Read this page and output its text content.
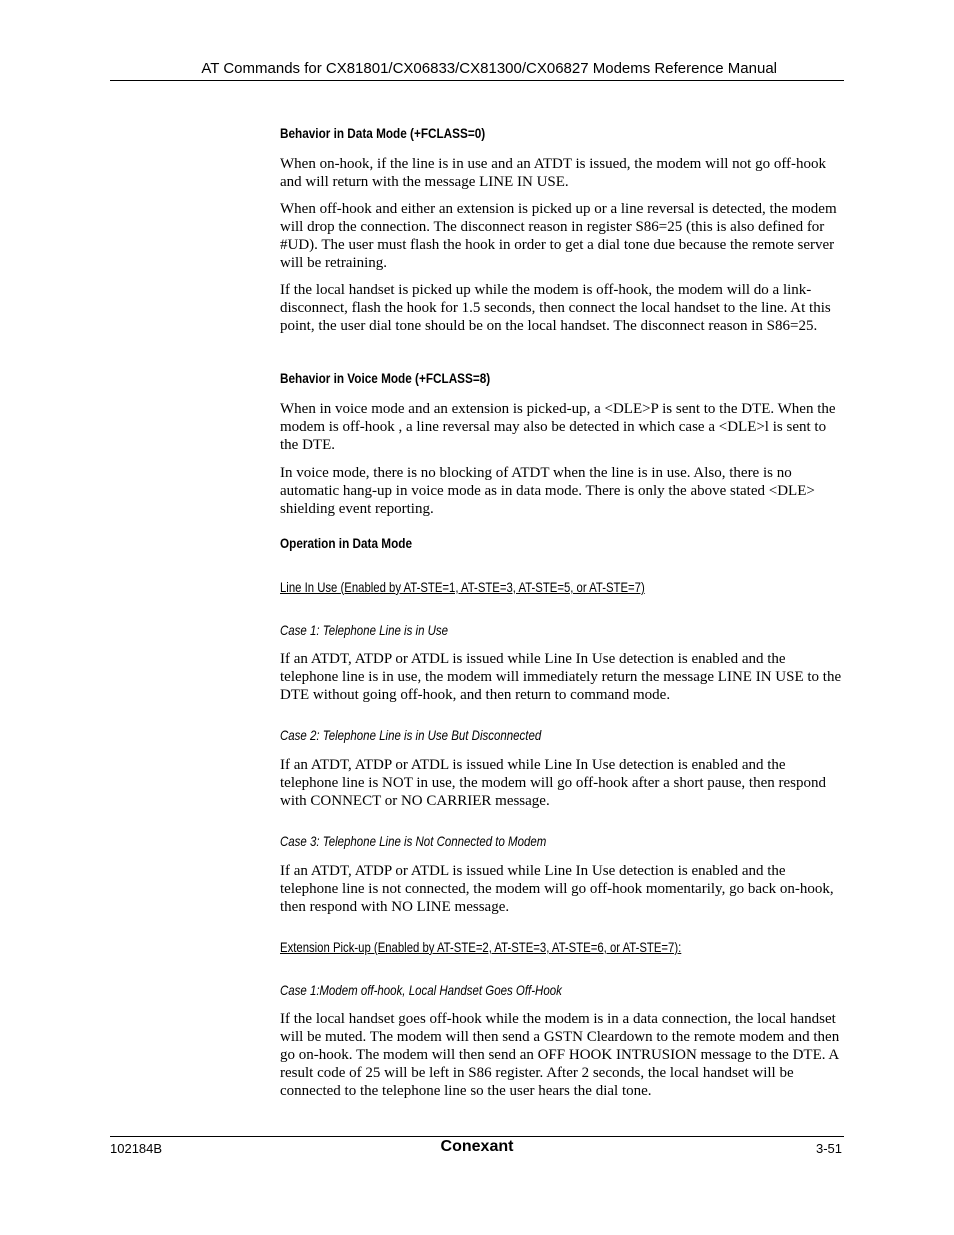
AT Commands for CX81801/CX06833/CX81300/CX06827 Modems Reference Manual
Behavior in Data Mode (+FCLASS=0)

When on-hook, if the line is in use and an ATDT is issued, the modem will not go off-hook and will return with the message LINE IN USE.

When off-hook and either an extension is picked up or a line reversal is detected, the modem will drop the connection. The disconnect reason in register S86=25 (this is also defined for #UD). The user must flash the hook in order to get a dial tone due because the remote server will be retraining.

If the local handset is picked up while the modem is off-hook, the modem will do a link-disconnect, flash the hook for 1.5 seconds, then connect the local handset to the line. At this point, the user dial tone should be on the local handset. The disconnect reason in S86=25.

Behavior in Voice Mode (+FCLASS=8)

When in voice mode and an extension is picked-up, a <DLE>P is sent to the DTE. When the modem is off-hook , a line reversal may also be detected in which case a <DLE>l is sent to the DTE.

In voice mode, there is no blocking of ATDT when the line is in use. Also, there is no automatic hang-up in voice mode as in data mode. There is only the above stated <DLE> shielding event reporting.

Operation in Data Mode
Line In Use (Enabled by AT-STE=1, AT-STE=3, AT-STE=5, or AT-STE=7)
Case 1: Telephone Line is in Use

If an ATDT, ATDP or ATDL is issued while Line In Use detection is enabled and the telephone line is in use, the modem will immediately return the message LINE IN USE to the DTE without going off-hook, and then return to command mode.

Case 2: Telephone Line is in Use But Disconnected

If an ATDT, ATDP or ATDL is issued while Line In Use detection is enabled and the telephone line is NOT in use, the modem will go off-hook after a short pause, then respond with CONNECT or NO CARRIER message.

Case 3: Telephone Line is Not Connected to Modem

If an ATDT, ATDP or ATDL is issued while Line In Use detection is enabled and the telephone line is not connected, the modem will go off-hook momentarily, go back on-hook, then respond with NO LINE message.

Extension Pick-up (Enabled by AT-STE=2, AT-STE=3, AT-STE=6, or AT-STE=7):
Case 1:Modem off-hook, Local Handset Goes Off-Hook

If the local handset goes off-hook while the modem is in a data connection, the local handset will be muted. The modem will then send a GSTN Cleardown to the remote modem and then go on-hook. The modem will then send an OFF HOOK INTRUSION message to the DTE. A result code of 25 will be left in S86 register. After 2 seconds, the local handset will be connected to the telephone line so the user hears the dial tone.

102184B	Conexant	3-51
